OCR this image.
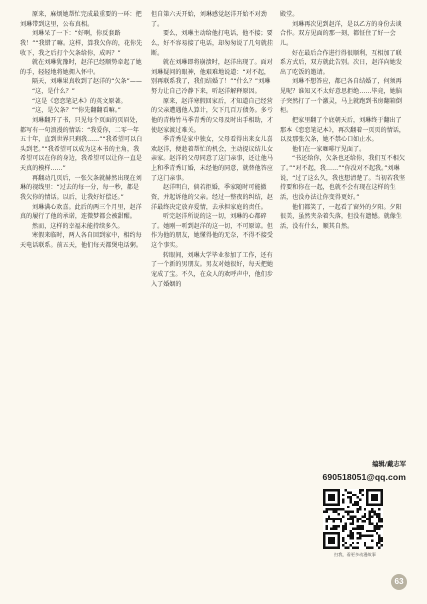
原来，麻烦她帮忙完成最重要的一环：把刘琳带到这里，公布真相。

刘琳呆了一下：“好啊，你反套路我！”“我错了嘛。这样，算我欠你的，花你先收下，我之后打个欠条给你，成吗？”

就在刘琳犹豫时，赵洋已经顺势牵起了她的手，轻轻地将她拥入怀中。

隔天，刘琳果真收到了赵洋的“欠条”——

“这，是什么？”

“这是《恋恋笔记本》的英文原著。

“这，是欠条？”“你先翻翻看嘛。”

刘琳翻开了书，只见每个页面的页眉处，都写有一句浪漫的情话：“我爱你，二零一年五十年，直到世界只剩我……”“我希望可以白头到老。”“我希望可以成为这本书的主角，我希望可以在你的身边，我希望可以让你一直是天真的模样……”

再翻动几页后，一张欠条就赫然出现在刘琳的视线里：“过去的每一分，每一秒，都是我欠你的情话。以后，让我好好偿还。”

刘琳满心欢喜。此后的两三个月里，赵洋真的履行了他的承诺，连微梦都会被甜醒。

然而，这样的幸福未能持续多久。

寒假来临时，两人各自回到家中，相约每天电话联系。前五天，他们每天都煲电话粥。

但自第六天开始，刘琳感觉赵洋开始不对劲了。

要么，刘琳主动给他打电话，他不接；要么，好不容易接了电话，却匆匆说了几句就挂断。

就在刘琳即将崩溃时，赵洋出现了。面对刘琳疑问的眼神，他艰难地说道：“对不起，别再联系我了，我们结婚了！”“什么？”刘琳努力让自己冷静下来，听赵洋解释原因。

原来，赵洋寒假回家后，才知道自己经营的父亲遭遇他人算计，欠下几百万债务。多亏他的青梅竹马季青秀的父母及时出手相助，才使赵家渡过难关。

季青秀是家中独女，父母看得出来女儿喜欢赵洋，便趁着帮忙的机会，主动提议结儿女亲家。赵洋的父母同意了这门亲事，还让他马上和季青秀订婚，未经他的同意，就替他答应了这门亲事。

赵洋明白，倘若拒婚，季家随时可能撤资，并起诉他的父亲。经过一整夜的纠结，赵洋最终决定放弃爱情，去承担家庭的责任。

听完赵洋所说的这一切，刘琳的心都碎了。她刚一听到赵洋的这一切，不可原谅。但作为他的朋友，她懂得他的无奈，不得不接受这个事实。

转眼间，刘琳大学毕业参加了工作，还有了一个新的男朋友。男友对她很好，每天把她宠成了宝。不久，在众人的欢呼声中，他们步入了婚姻的

殿堂。

刘琳再次见到赵洋，是以乙方的身份去谈合作。双方见面的那一刻，都怔住了好一会儿。

好在最后合作进行得很顺利，互相加了联系方式后，双方就此告别。次日，赵洋向她发出了吃饭的邀请。

刘琳不想答应，都已各自结婚了，何须再见呢？谁知又不太好意思拒绝……毕竟，她脑子突然打了一个激灵，马上就跑到书房翻箱倒柜。

把家里翻了个底朝天后，刘琳终于翻出了那本《恋恋笔记本》，再次翻着一页页的情话，以及那张欠条，她不禁心口如止水。

他们在一家咖啡厅见面了。

“书还给你，欠条也还给你，我们互不相欠了。”“对不起，我……”“你没对不起我。”刘琳说，“过了这么久，我也想清楚了。当初若我坚持要和你在一起，也就不会有现在这样的生活，也没办法让你变得更好。”

他们都笑了，一起看了窗外的夕阳。夕阳很美，虽然夹杂着失落，但没有遗憾。就像生活，没有什么，顺其自然。

编辑/戴志军
690518051@qq.com
扫我，看更多动漫故事
63
